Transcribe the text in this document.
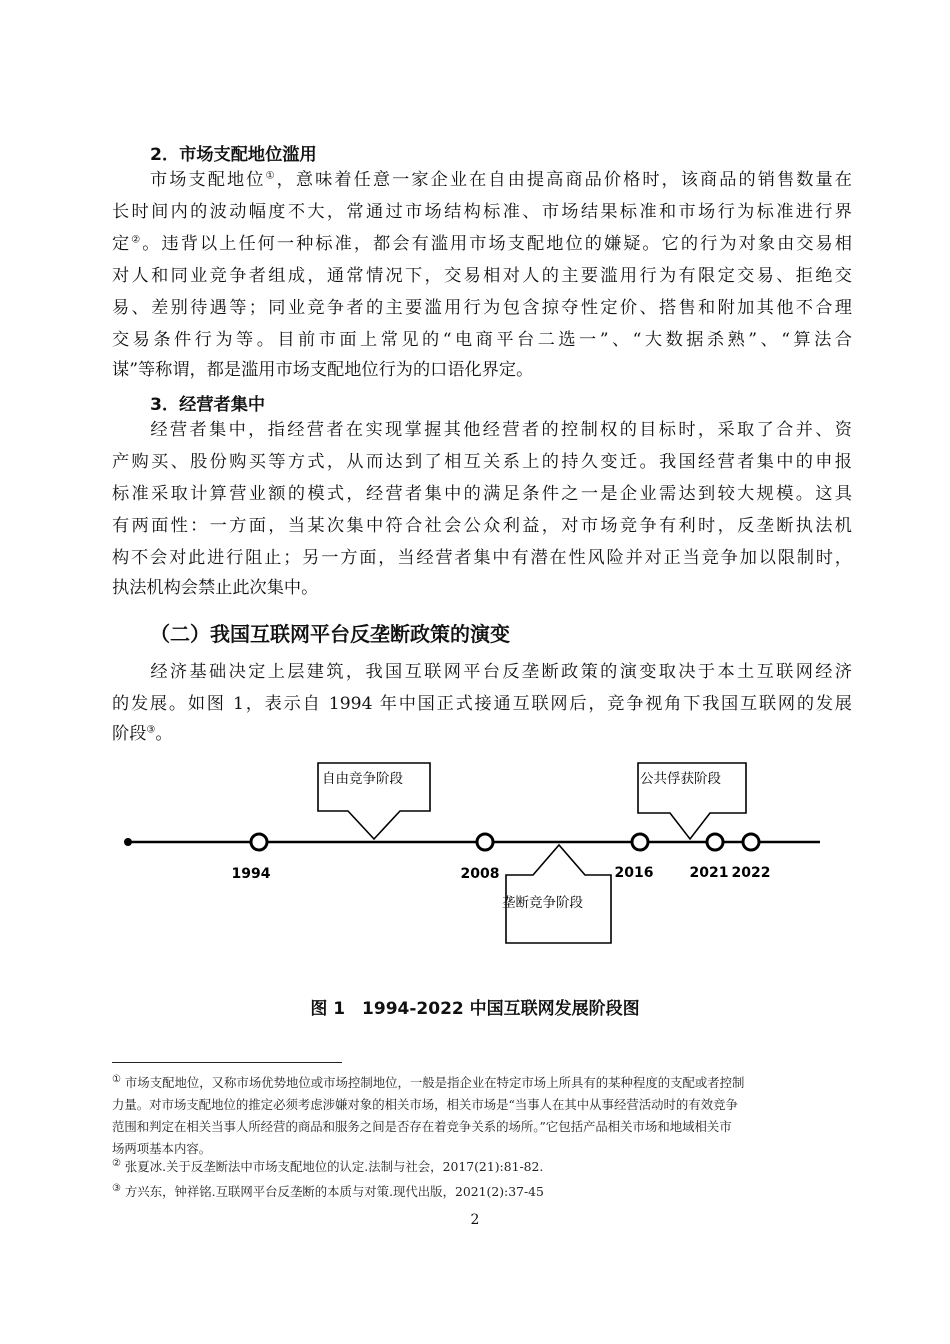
2．市场支配地位滥用
市场支配地位①，意味着任意一家企业在自由提高商品价格时，该商品的销售数量在
长时间内的波动幅度不大，常通过市场结构标准、市场结果标准和市场行为标准进行界
定②。违背以上任何一种标准，都会有滥用市场支配地位的嫌疑。它的行为对象由交易相
对人和同业竞争者组成，通常情况下，交易相对人的主要滥用行为有限定交易、拒绝交
易、差别待遇等；同业竞争者的主要滥用行为包含掠夺性定价、搭售和附加其他不合理
交易条件行为等。目前市面上常见的“电商平台二选一”、“大数据杀熟”、“算法合
谋”等称谓，都是滥用市场支配地位行为的口语化界定。
3．经营者集中
经营者集中，指经营者在实现掌握其他经营者的控制权的目标时，采取了合并、资
产购买、股份购买等方式，从而达到了相互关系上的持久变迁。我国经营者集中的申报
标准采取计算营业额的模式，经营者集中的满足条件之一是企业需达到较大规模。这具
有两面性：一方面，当某次集中符合社会公众利益，对市场竞争有利时，反垄断执法机
构不会对此进行阻止；另一方面，当经营者集中有潜在性风险并对正当竞争加以限制时，
执法机构会禁止此次集中。
（二）我国互联网平台反垄断政策的演变
经济基础决定上层建筑，我国互联网平台反垄断政策的演变取决于本土互联网经济
的发展。如图 1，表示自 1994 年中国正式接通互联网后，竞争视角下我国互联网的发展
阶段③。
自由竞争阶段
垄断竞争阶段
公共俘获阶段
1994	2008	2016	2021 2022
图 1　1994-2022 中国互联网发展阶段图
① 市场支配地位，又称市场优势地位或市场控制地位，一般是指企业在特定市场上所具有的某种程度的支配或者控制
力量。对市场支配地位的推定必须考虑涉嫌对象的相关市场，相关市场是“当事人在其中从事经营活动时的有效竞争
范围和判定在相关当事人所经营的商品和服务之间是否存在着竞争关系的场所。”它包括产品相关市场和地域相关市
场两项基本内容。
② 张夏冰.关于反垄断法中市场支配地位的认定.法制与社会，2017(21):81-82.
③ 方兴东，钟祥铭.互联网平台反垄断的本质与对策.现代出版，2021(2):37-45
2
